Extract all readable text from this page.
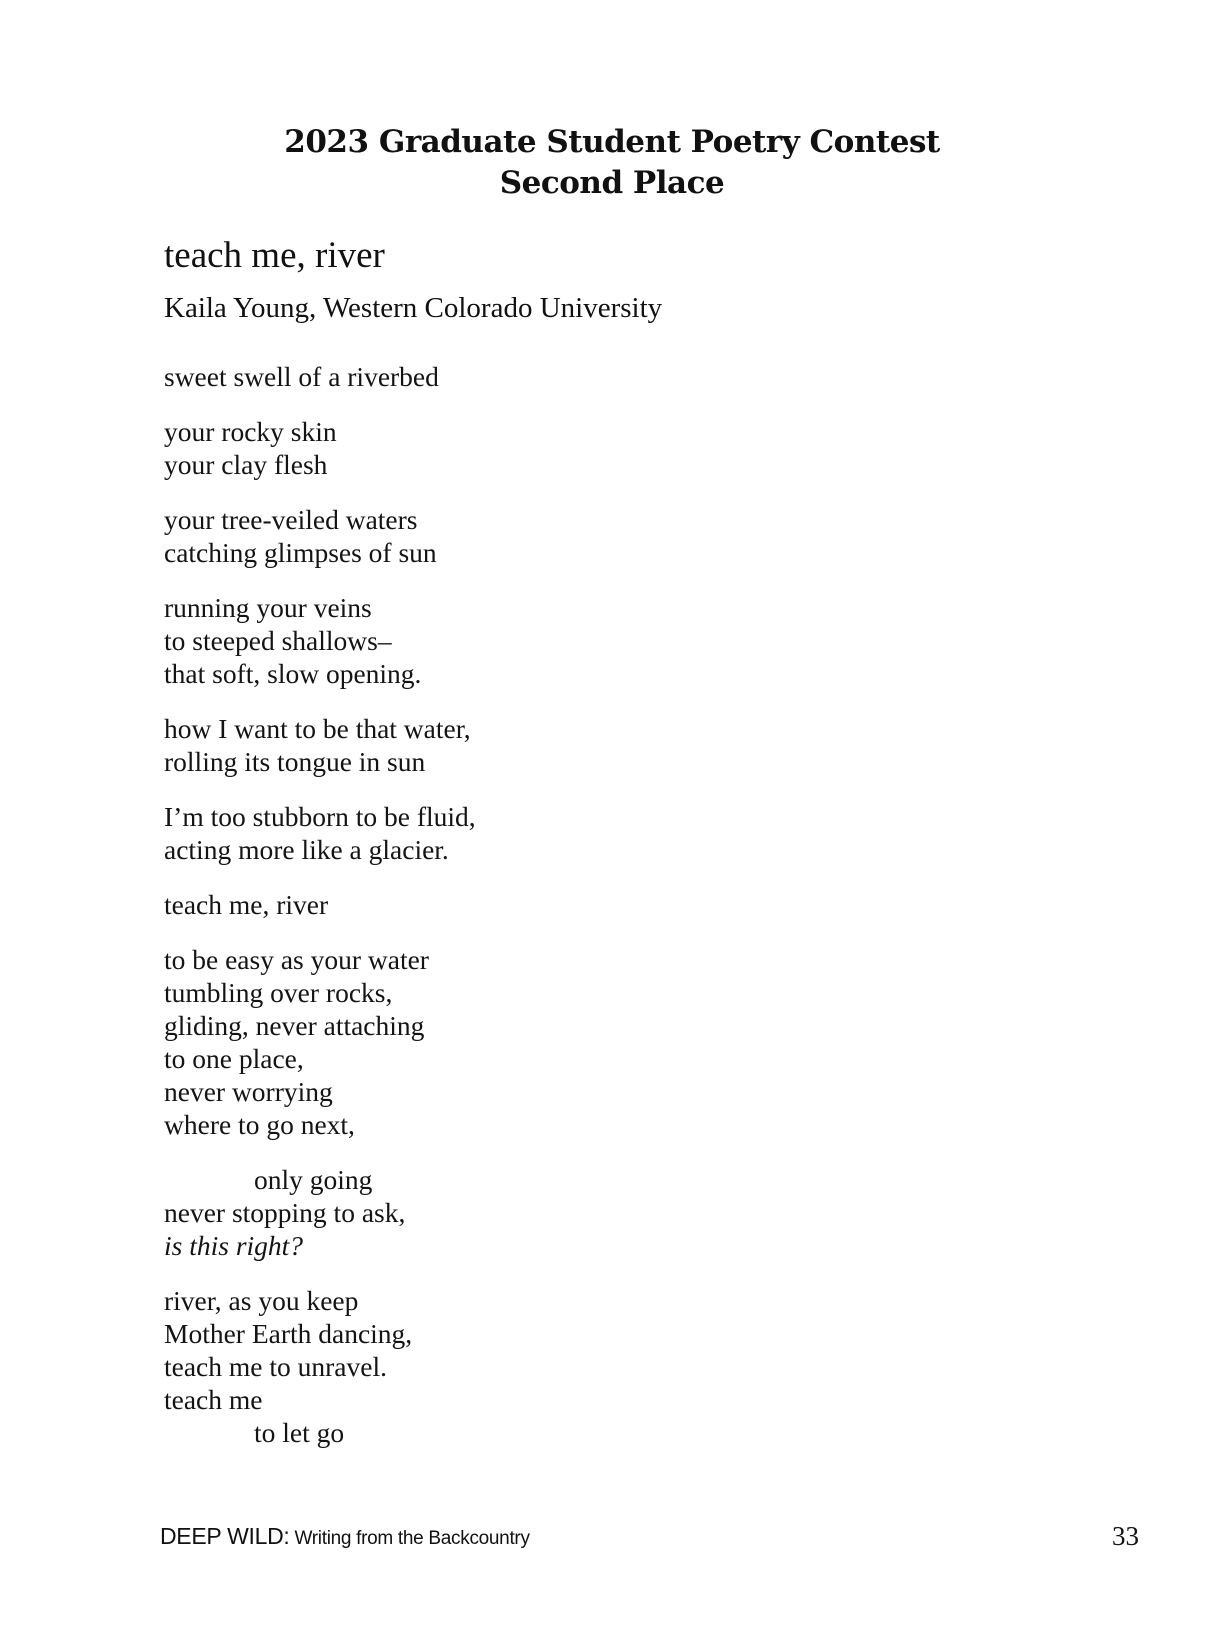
2023 Graduate Student Poetry Contest
Second Place
teach me, river
Kaila Young, Western Colorado University
sweet swell of a riverbed
your rocky skin
your clay flesh
your tree-veiled waters
catching glimpses of sun
running your veins
to steeped shallows–
that soft, slow opening.
how I want to be that water,
rolling its tongue in sun
I’m too stubborn to be fluid,
acting more like a glacier.
teach me, river
to be easy as your water
tumbling over rocks,
gliding, never attaching
to one place,
never worrying
where to go next,
only going
never stopping to ask,
is this right?
river, as you keep
Mother Earth dancing,
teach me to unravel.
teach me
to let go
DEEP WILD: Writing from the Backcountry	33
